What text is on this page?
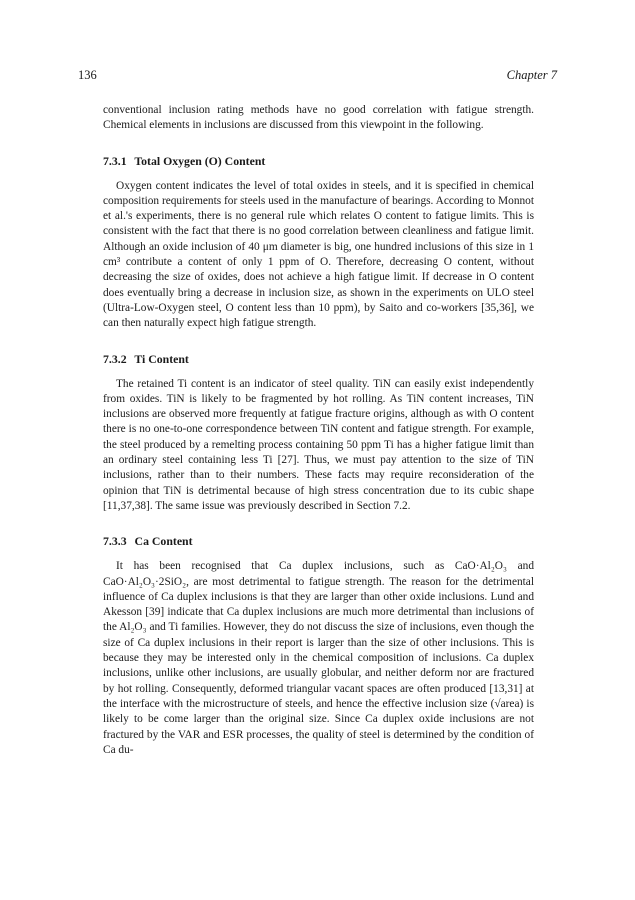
136	Chapter 7

conventional inclusion rating methods have no good correlation with fatigue strength. Chemical elements in inclusions are discussed from this viewpoint in the following.

7.3.1 Total Oxygen (O) Content

Oxygen content indicates the level of total oxides in steels, and it is specified in chemical composition requirements for steels used in the manufacture of bearings. According to Monnot et al.'s experiments, there is no general rule which relates O content to fatigue limits. This is consistent with the fact that there is no good correlation between cleanliness and fatigue limit. Although an oxide inclusion of 40 μm diameter is big, one hundred inclusions of this size in 1 cm³ contribute a content of only 1 ppm of O. Therefore, decreasing O content, without decreasing the size of oxides, does not achieve a high fatigue limit. If decrease in O content does eventually bring a decrease in inclusion size, as shown in the experiments on ULO steel (Ultra-Low-Oxygen steel, O content less than 10 ppm), by Saito and co-workers [35,36], we can then naturally expect high fatigue strength.

7.3.2 Ti Content

The retained Ti content is an indicator of steel quality. TiN can easily exist independently from oxides. TiN is likely to be fragmented by hot rolling. As TiN content increases, TiN inclusions are observed more frequently at fatigue fracture origins, although as with O content there is no one-to-one correspondence between TiN content and fatigue strength. For example, the steel produced by a remelting process containing 50 ppm Ti has a higher fatigue limit than an ordinary steel containing less Ti [27]. Thus, we must pay attention to the size of TiN inclusions, rather than to their numbers. These facts may require reconsideration of the opinion that TiN is detrimental because of high stress concentration due to its cubic shape [11,37,38]. The same issue was previously described in Section 7.2.

7.3.3 Ca Content

It has been recognised that Ca duplex inclusions, such as CaO·Al₂O₃ and CaO·Al₂O₃·2SiO₂, are most detrimental to fatigue strength. The reason for the detrimental influence of Ca duplex inclusions is that they are larger than other oxide inclusions. Lund and Akesson [39] indicate that Ca duplex inclusions are much more detrimental than inclusions of the Al₂O₃ and Ti families. However, they do not discuss the size of inclusions, even though the size of Ca duplex inclusions in their report is larger than the size of other inclusions. This is because they may be interested only in the chemical composition of inclusions. Ca duplex inclusions, unlike other inclusions, are usually globular, and neither deform nor are fractured by hot rolling. Consequently, deformed triangular vacant spaces are often produced [13,31] at the interface with the microstructure of steels, and hence the effective inclusion size (√area) is likely to be come larger than the original size. Since Ca duplex oxide inclusions are not fractured by the VAR and ESR processes, the quality of steel is determined by the condition of Ca du-
